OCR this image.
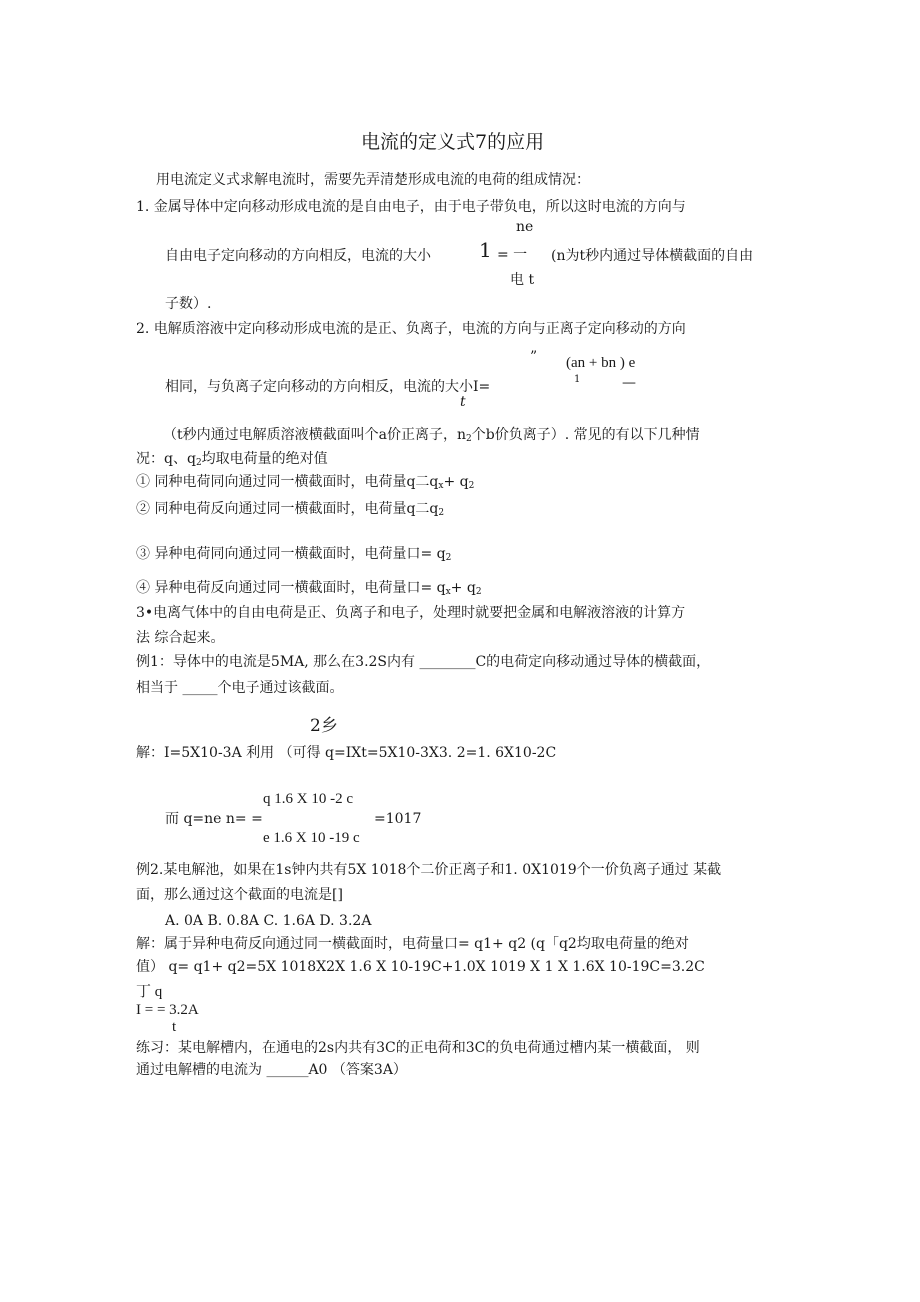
电流的定义式7的应用
用电流定义式求解电流时，需要先弄清楚形成电流的电荷的组成情况：
1. 金属导体中定向移动形成电流的是自由电子，由于电子带负电，所以这时电流的方向与
ne
自由电子定向移动的方向相反，电流的大小 1 = 一 (n为t秒内通过导体横截面的自由
电 t
子数）.
2. 电解质溶液中定向移动形成电流的是正、负离子，电流的方向与正离子定向移动的方向
” (an + bn ) e
相同，与负离子定向移动的方向相反，电流的大小I=	1	—
t
（t秒内通过电解质溶液横截面叫个a价正离子，$n_2$个b价负离子）. 常见的有以下几种情
况：q、$q_2$均取电荷量的绝对值
① 同种电荷同向通过同一横截面时，电荷量q二$q_x+ q_2$
② 同种电荷反向通过同一横截面时，电荷量q二$q_2$
③ 异种电荷同向通过同一横截面时，电荷量口= $q_2$
④ 异种电荷反向通过同一横截面时，电荷量口= $q_x+ q_2$
3•电离气体中的自由电荷是正、负离子和电子，处理时就要把金属和电解液溶液的计算方
法 综合起来。
例1：导体中的电流是5MA, 那么在3.2S内有 ________C的电荷定向移动通过导体的横截面，
相当于 _____个电子通过该截面。
2乡
解：I=5X10-3A 利用 （可得 q=IXt=5X10-3X3. 2=1. 6X10-2C
q 1.6 X 10 -2 c
而 q=ne n= =	=1017
e 1.6 X 10 -19 c
例2.某电解池，如果在1s钟内共有5X 1018个二价正离子和1. 0X1019个一价负离子通过 某截
面，那么通过这个截面的电流是[]
A. 0A B. 0.8A C. 1.6A D. 3.2A
解：属于异种电荷反向通过同一横截面时，电荷量口= q1+ q2 (q「q2均取电荷量的绝对
值） q= q1+ q2=5X 1018X2X 1.6 X 10-19C+1.0X 1019 X 1 X 1.6X 10-19C=3.2C
丁 q
I = = 3.2A
t
练习：某电解槽内，在通电的2s内共有3C的正电荷和3C的负电荷通过槽内某一横截面， 则
通过电解槽的电流为 ______A0 （答案3A）
